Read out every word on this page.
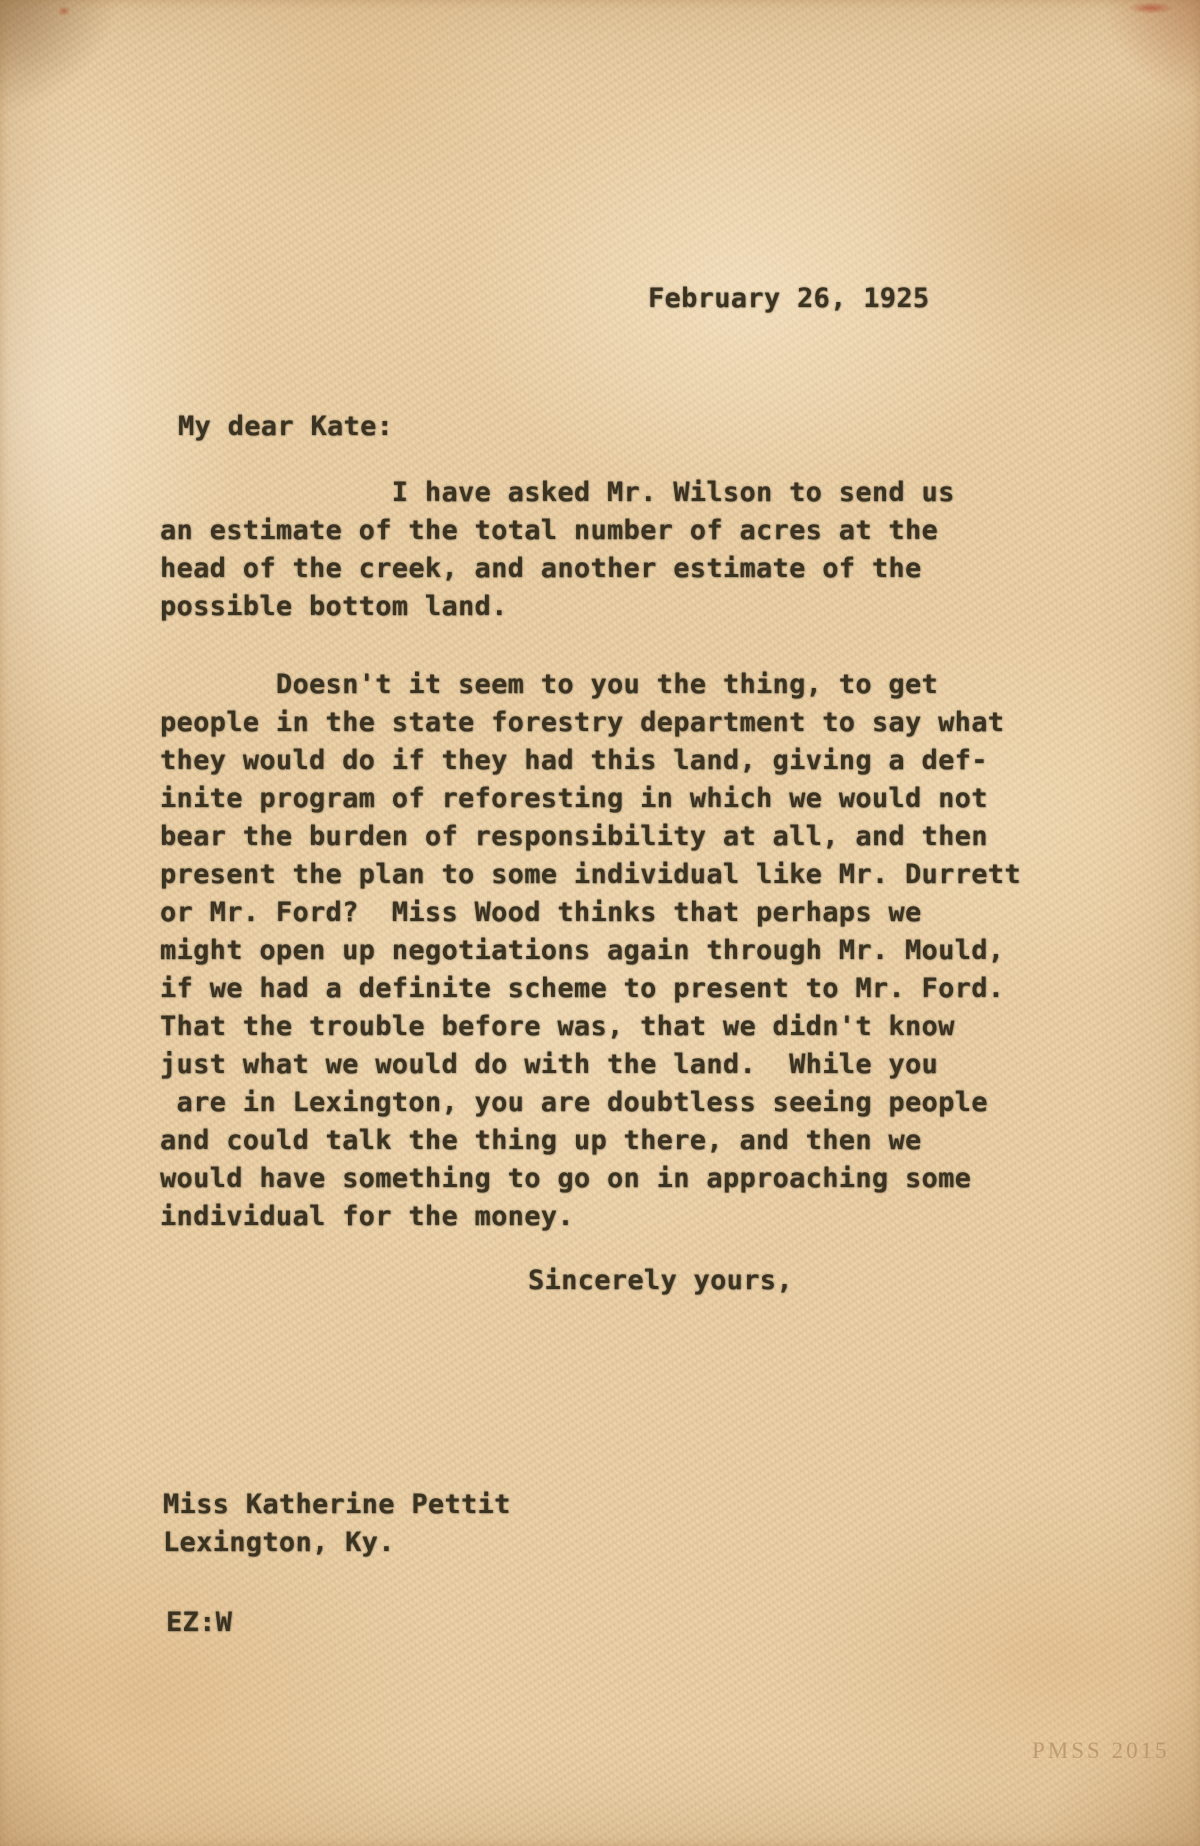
February 26, 1925
My dear Kate:
I have asked Mr. Wilson to send us
an estimate of the total number of acres at the
head of the creek, and another estimate of the
possible bottom land.
Doesn't it seem to you the thing, to get
people in the state forestry department to say what
they would do if they had this land, giving a def-
inite program of reforesting in which we would not
bear the burden of responsibility at all, and then
present the plan to some individual like Mr. Durrett
or Mr. Ford?  Miss Wood thinks that perhaps we
might open up negotiations again through Mr. Mould,
if we had a definite scheme to present to Mr. Ford.
That the trouble before was, that we didn't know
just what we would do with the land.  While you
are in Lexington, you are doubtless seeing people
and could talk the thing up there, and then we
would have something to go on in approaching some
individual for the money.
Sincerely yours,
Miss Katherine Pettit
Lexington, Ky.
EZ:W
PMSS 2015
